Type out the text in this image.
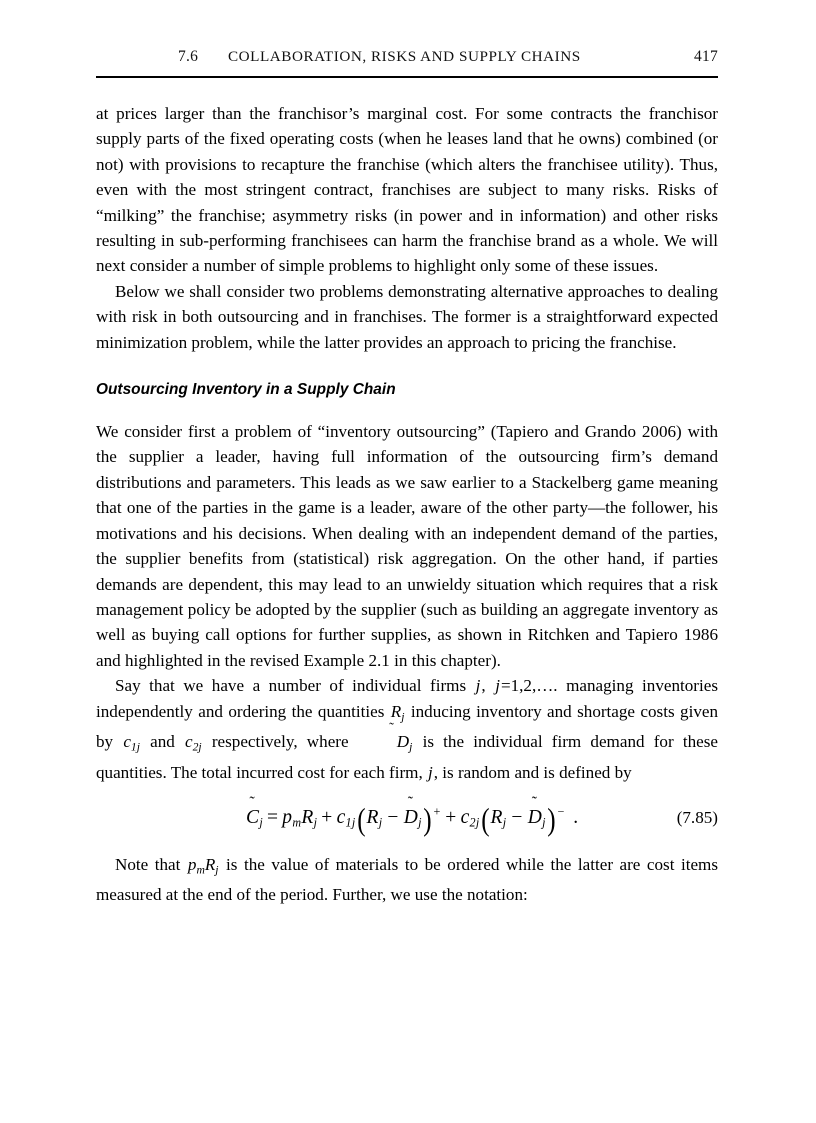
7.6	COLLABORATION, RISKS AND SUPPLY CHAINS	417

at prices larger than the franchisor’s marginal cost. For some contracts the franchisor supply parts of the fixed operating costs (when he leases land that he owns) combined (or not) with provisions to recapture the franchise (which alters the franchisee utility). Thus, even with the most stringent contract, franchises are subject to many risks. Risks of “milking” the franchise; asymmetry risks (in power and in information) and other risks resulting in sub-performing franchisees can harm the franchise brand as a whole. We will next consider a number of simple problems to highlight only some of these issues.

Below we shall consider two problems demonstrating alternative approaches to dealing with risk in both outsourcing and in franchises. The former is a straightforward expected minimization problem, while the latter provides an approach to pricing the franchise.

Outsourcing Inventory in a Supply Chain

We consider first a problem of “inventory outsourcing” (Tapiero and Grando 2006) with the supplier a leader, having full information of the outsourcing firm’s demand distributions and parameters. This leads as we saw earlier to a Stackelberg game meaning that one of the parties in the game is a leader, aware of the other party—the follower, his motivations and his decisions. When dealing with an independent demand of the parties, the supplier benefits from (statistical) risk aggregation. On the other hand, if parties demands are dependent, this may lead to an unwieldy situation which requires that a risk management policy be adopted by the supplier (such as building an aggregate inventory as well as buying call options for further supplies, as shown in Ritchken and Tapiero 1986 and highlighted in the revised Example 2.1 in this chapter).

Say that we have a number of individual firms j, j=1,2,…. managing inventories independently and ordering the quantities $R_j$ inducing inventory and shortage costs given by $c_{1j}$ and $c_{2j}$ respectively, where
˜
$D_j$ is the individual firm demand for these quantities. The total incurred cost for each firm, j, is random and is defined by

˜
$C_j = p_mR_j + c_{1j}(R_j$ −
˜
$D_j)^+ + c_{2j}(R_j$ −
˜
$D_j)^-$ .	(7.85)

Note that $p_mR_j$ is the value of materials to be ordered while the latter are cost items measured at the end of the period. Further, we use the notation:
